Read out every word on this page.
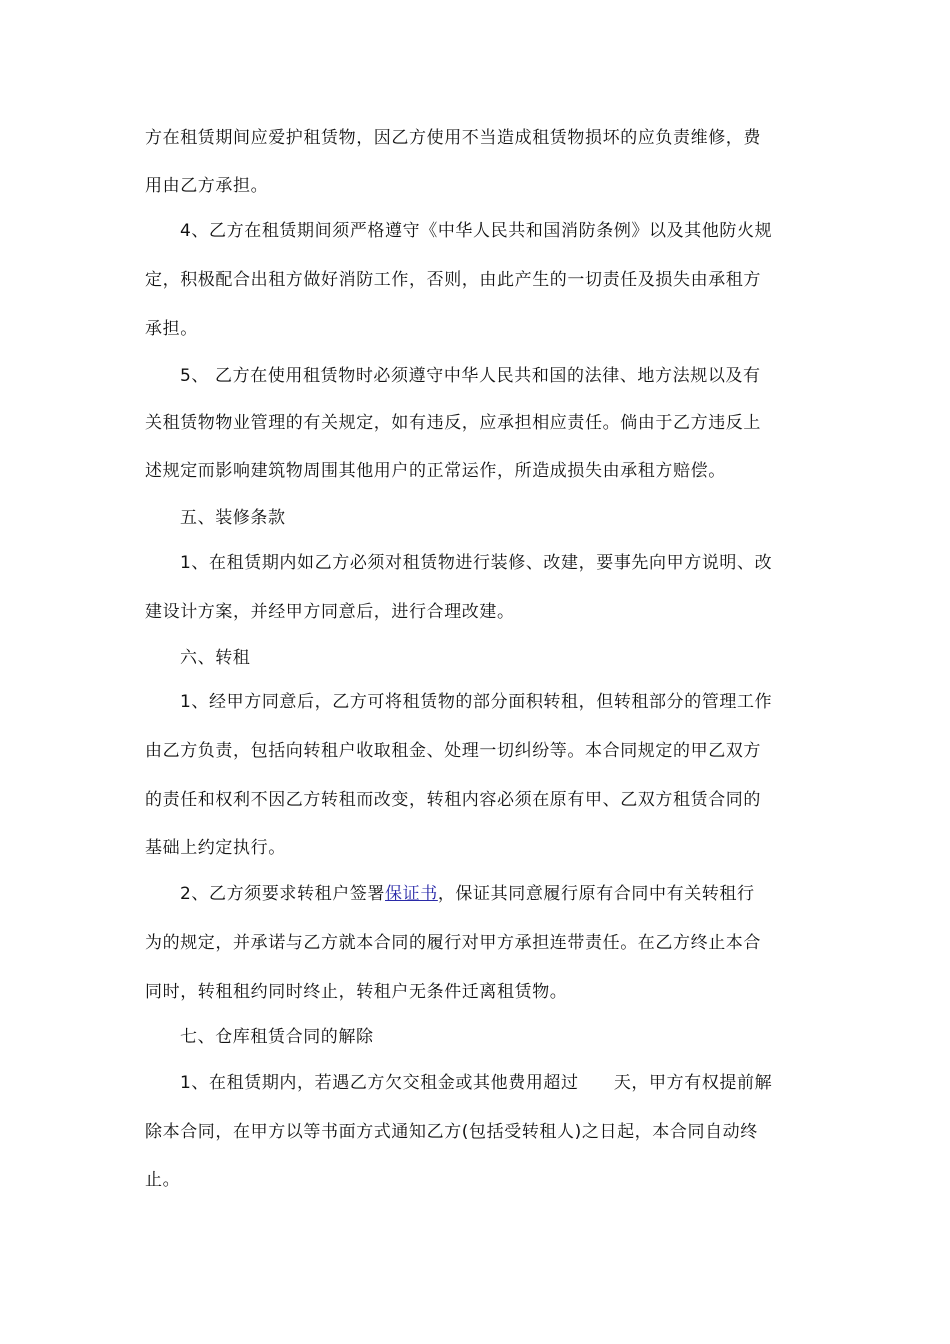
方在租赁期间应爱护租赁物，因乙方使用不当造成租赁物损坏的应负责维修，费
用由乙方承担。
4、乙方在租赁期间须严格遵守《中华人民共和国消防条例》以及其他防火规
定，积极配合出租方做好消防工作，否则，由此产生的一切责任及损失由承租方
承担。
5、 乙方在使用租赁物时必须遵守中华人民共和国的法律、地方法规以及有
关租赁物物业管理的有关规定，如有违反，应承担相应责任。倘由于乙方违反上
述规定而影响建筑物周围其他用户的正常运作，所造成损失由承租方赔偿。
五、装修条款
1、在租赁期内如乙方必须对租赁物进行装修、改建，要事先向甲方说明、改
建设计方案，并经甲方同意后，进行合理改建。
六、转租
1、经甲方同意后，乙方可将租赁物的部分面积转租，但转租部分的管理工作
由乙方负责，包括向转租户收取租金、处理一切纠纷等。本合同规定的甲乙双方
的责任和权利不因乙方转租而改变，转租内容必须在原有甲、乙双方租赁合同的
基础上约定执行。
2、乙方须要求转租户签署保证书，保证其同意履行原有合同中有关转租行
为的规定，并承诺与乙方就本合同的履行对甲方承担连带责任。在乙方终止本合
同时，转租租约同时终止，转租户无条件迁离租赁物。
七、仓库租赁合同的解除
1、在租赁期内，若遇乙方欠交租金或其他费用超过　　天，甲方有权提前解
除本合同，在甲方以等书面方式通知乙方(包括受转租人)之日起，本合同自动终
止。
